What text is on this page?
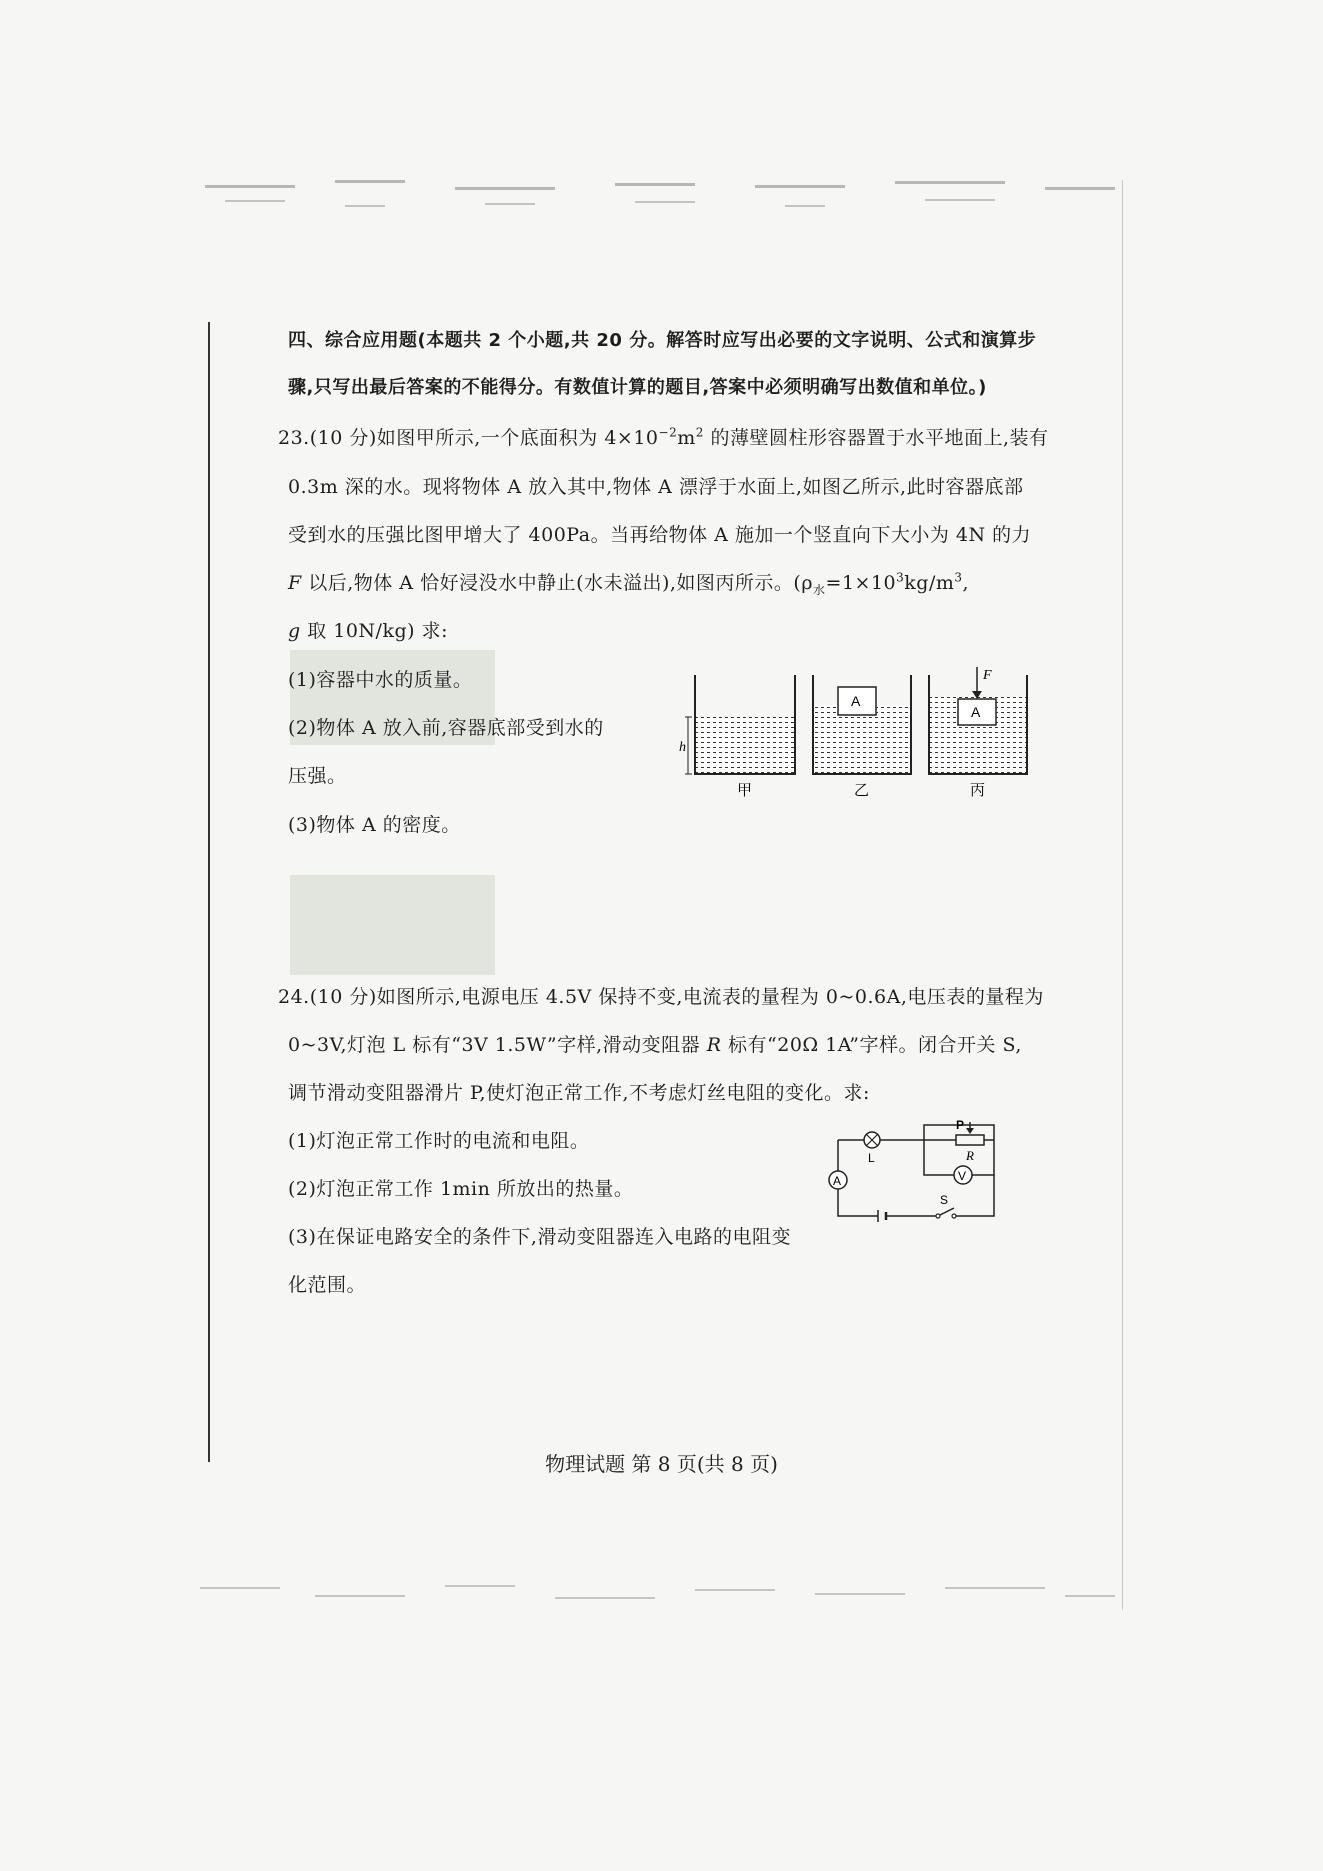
四、综合应用题(本题共 2 个小题,共 20 分。解答时应写出必要的文字说明、公式和演算步
骤,只写出最后答案的不能得分。有数值计算的题目,答案中必须明确写出数值和单位。)
23.(10 分)如图甲所示,一个底面积为 $4\times 10^{-2}m^2$ 的薄壁圆柱形容器置于水平地面上,装有
0.3m 深的水。现将物体 A 放入其中,物体 A 漂浮于水面上,如图乙所示,此时容器底部
受到水的压强比图甲增大了 400Pa。当再给物体 A 施加一个竖直向下大小为 4N 的力
F 以后,物体 A 恰好浸没水中静止(水未溢出),如图丙所示。($\rho_水=1\times 10^3kg/m^3$,
g 取 10N/kg) 求:
(1)容器中水的质量。
(2)物体 A 放入前,容器底部受到水的
压强。
(3)物体 A 的密度。
h
甲
A
乙
A
F
丙
24.(10 分)如图所示,电源电压 4.5V 保持不变,电流表的量程为 0~0.6A,电压表的量程为
0~3V,灯泡 L 标有“3V 1.5W”字样,滑动变阻器 R 标有“20Ω 1A”字样。闭合开关 S,
调节滑动变阻器滑片 P,使灯泡正常工作,不考虑灯丝电阻的变化。求:
(1)灯泡正常工作时的电流和电阻。
(2)灯泡正常工作 1min 所放出的热量。
(3)在保证电路安全的条件下,滑动变阻器连入电路的电阻变
化范围。
V
A
P
R
L
S
物理试题 第 8 页(共 8 页)
